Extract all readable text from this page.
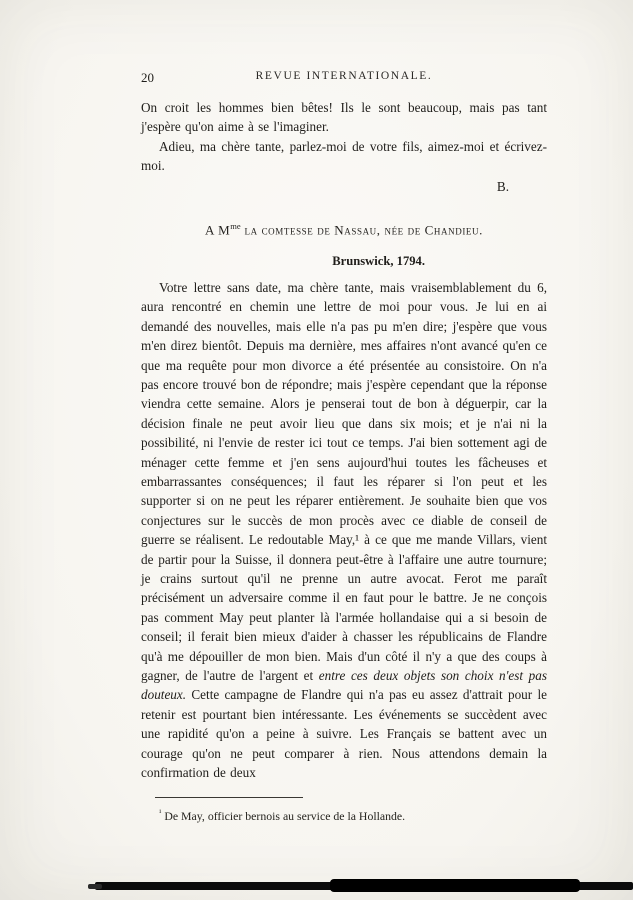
20	REVUE INTERNATIONALE.

On croit les hommes bien bêtes! Ils le sont beaucoup, mais pas tant j'espère qu'on aime à se l'imaginer.

Adieu, ma chère tante, parlez-moi de votre fils, aimez-moi et écrivez-moi.

B.
A $M^{me}$ la comtesse de Nassau, née de Chandieu.
Brunswick, 1794.

Votre lettre sans date, ma chère tante, mais vraisemblablement du 6, aura rencontré en chemin une lettre de moi pour vous. Je lui en ai demandé des nouvelles, mais elle n'a pas pu m'en dire; j'espère que vous m'en direz bientôt. Depuis ma dernière, mes affaires n'ont avancé qu'en ce que ma requête pour mon divorce a été présentée au consistoire. On n'a pas encore trouvé bon de répondre; mais j'espère cependant que la réponse viendra cette semaine. Alors je penserai tout de bon à déguerpir, car la décision finale ne peut avoir lieu que dans six mois; et je n'ai ni la possibilité, ni l'envie de rester ici tout ce temps. J'ai bien sottement agi de ménager cette femme et j'en sens aujourd'hui toutes les fâcheuses et embarrassantes conséquences; il faut les réparer si l'on peut et les supporter si on ne peut les réparer entièrement. Je souhaite bien que vos conjectures sur le succès de mon procès avec ce diable de conseil de guerre se réalisent. Le redoutable May,¹ à ce que me mande Villars, vient de partir pour la Suisse, il donnera peut-être à l'affaire une autre tournure; je crains surtout qu'il ne prenne un autre avocat. Ferot me paraît précisément un adversaire comme il en faut pour le battre. Je ne conçois pas comment May peut planter là l'armée hollandaise qui a si besoin de conseil; il ferait bien mieux d'aider à chasser les républicains de Flandre qu'à me dépouiller de mon bien. Mais d'un côté il n'y a que des coups à gagner, de l'autre de l'argent et entre ces deux objets son choix n'est pas douteux. Cette campagne de Flandre qui n'a pas eu assez d'attrait pour le retenir est pourtant bien intéressante. Les événements se succèdent avec une rapidité qu'on a peine à suivre. Les Français se battent avec un courage qu'on ne peut comparer à rien. Nous attendons demain la confirmation de deux

$^{^1}$ De May, officier bernois au service de la Hollande.
